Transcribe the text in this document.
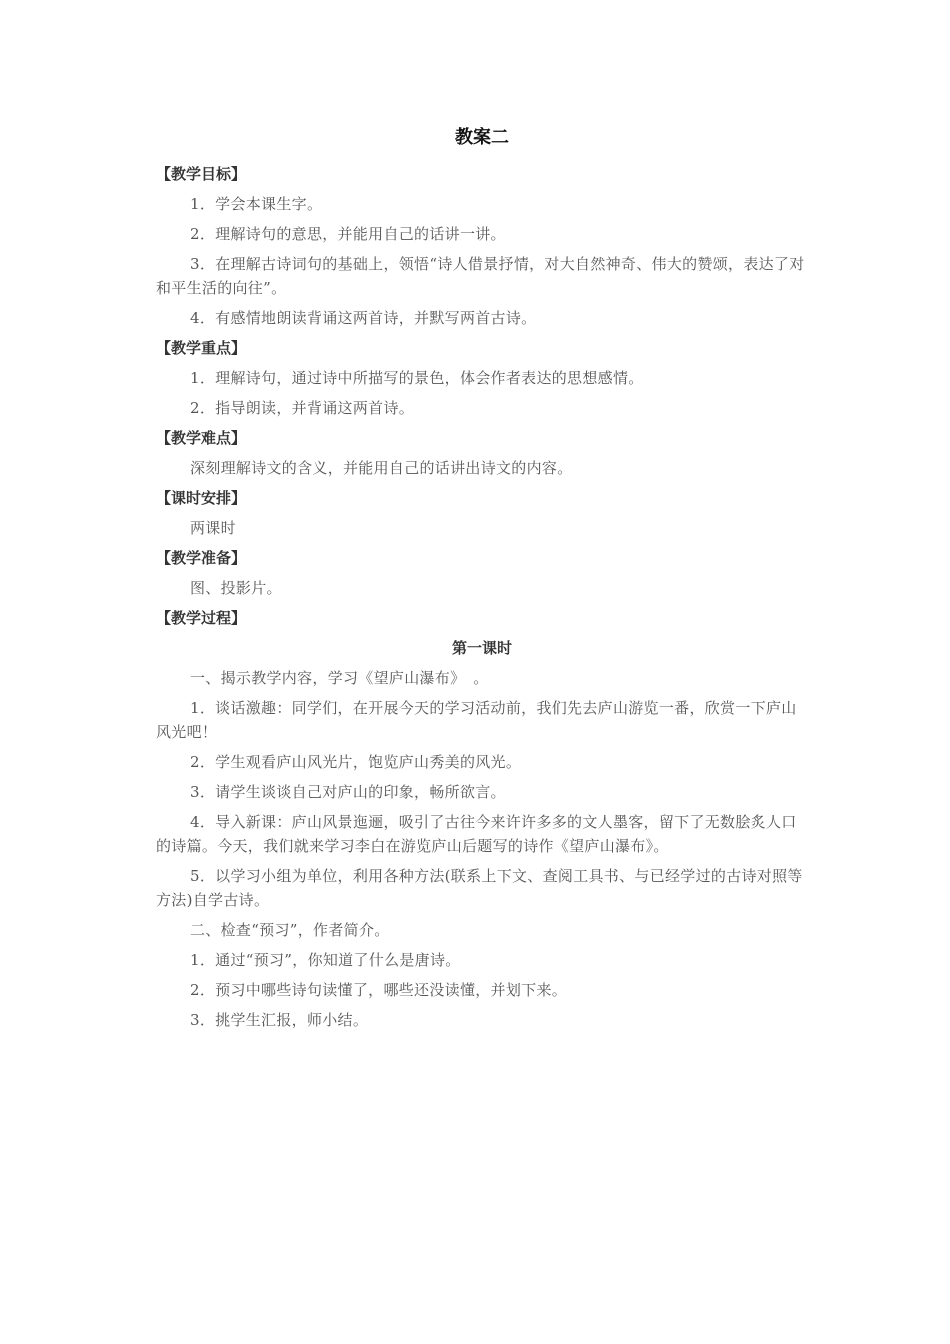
教案二
【教学目标】
1．学会本课生字。
2．理解诗句的意思，并能用自己的话讲一讲。
3．在理解古诗词句的基础上，领悟“诗人借景抒情，对大自然神奇、伟大的赞颂，表达了对和平生活的向往”。
4．有感情地朗读背诵这两首诗，并默写两首古诗。
【教学重点】
1．理解诗句，通过诗中所描写的景色，体会作者表达的思想感情。
2．指导朗读，并背诵这两首诗。
【教学难点】
深刻理解诗文的含义，并能用自己的话讲出诗文的内容。
【课时安排】
两课时
【教学准备】
图、投影片。
【教学过程】
第一课时
一、揭示教学内容，学习《望庐山瀑布》　。
1．谈话激趣：同学们，在开展今天的学习活动前，我们先去庐山游览一番，欣赏一下庐山风光吧！
2．学生观看庐山风光片，饱览庐山秀美的风光。
3．请学生谈谈自己对庐山的印象，畅所欲言。
4．导入新课：庐山风景迤逦，吸引了古往今来许许多多的文人墨客，留下了无数脍炙人口的诗篇。今天，我们就来学习李白在游览庐山后题写的诗作《望庐山瀑布》。
5．以学习小组为单位，利用各种方法(联系上下文、查阅工具书、与已经学过的古诗对照等方法)自学古诗。
二、检查“预习”，作者简介。
1．通过“预习”，你知道了什么是唐诗。
2．预习中哪些诗句读懂了，哪些还没读懂，并划下来。
3．挑学生汇报，师小结。
